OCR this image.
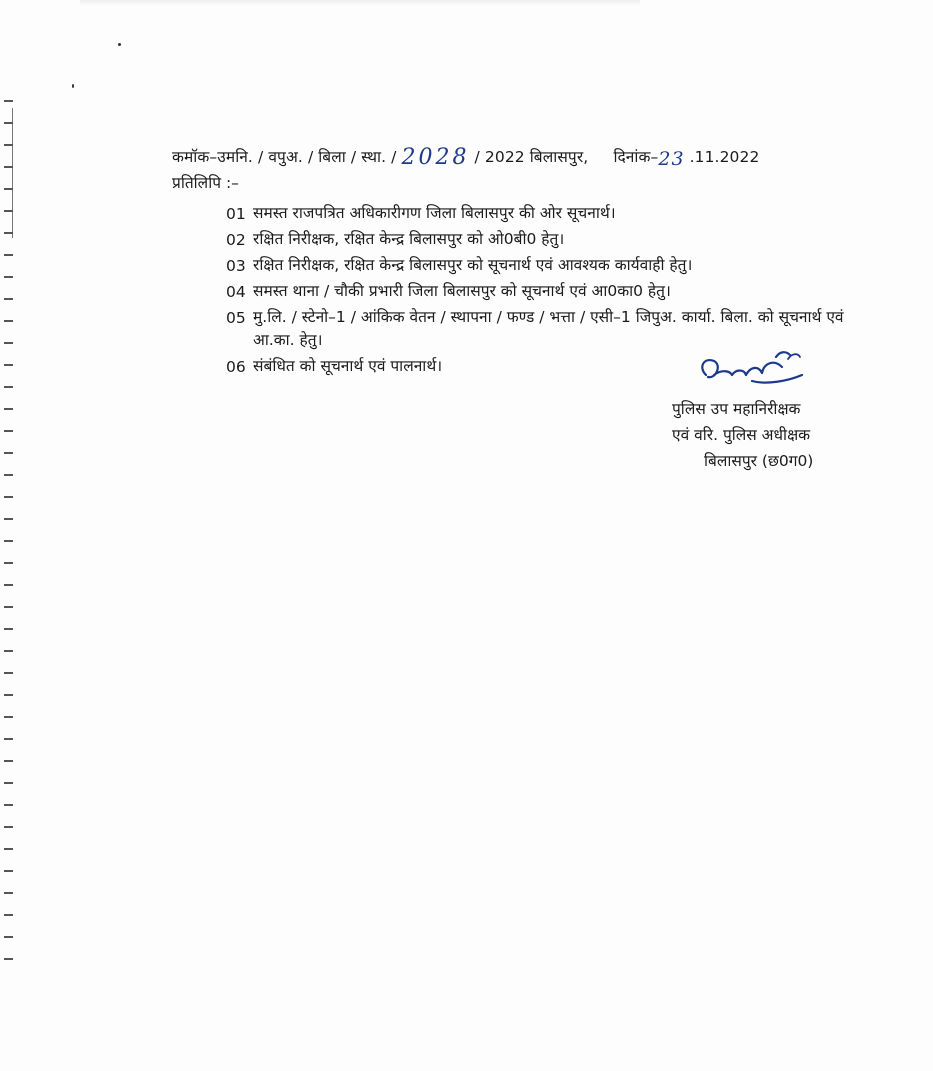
कमॉक–उमनि. / वपुअ. / बिला / स्था. / 2028 / 2022 बिलासपुर, दिनांक–23 .11.2022
प्रतिलिपि :–
01 समस्त राजपत्रित अधिकारीगण जिला बिलासपुर की ओर सूचनार्थ।
02 रक्षित निरीक्षक, रक्षित केन्द्र बिलासपुर को ओ0बी0 हेतु।
03 रक्षित निरीक्षक, रक्षित केन्द्र बिलासपुर को सूचनार्थ एवं आवश्यक कार्यवाही हेतु।
04 समस्त थाना / चौकी प्रभारी जिला बिलासपुर को सूचनार्थ एवं आ0का0 हेतु।
05 मु.लि. / स्टेनो–1 / आंकिक वेतन / स्थापना / फण्ड / भत्ता / एसी–1 जिपुअ. कार्या. बिला. को सूचनार्थ एवं आ.का. हेतु।
06 संबंधित को सूचनार्थ एवं पालनार्थ।
पुलिस उप महानिरीक्षक
एवं वरि. पुलिस अधीक्षक
बिलासपुर (छ0ग0)
